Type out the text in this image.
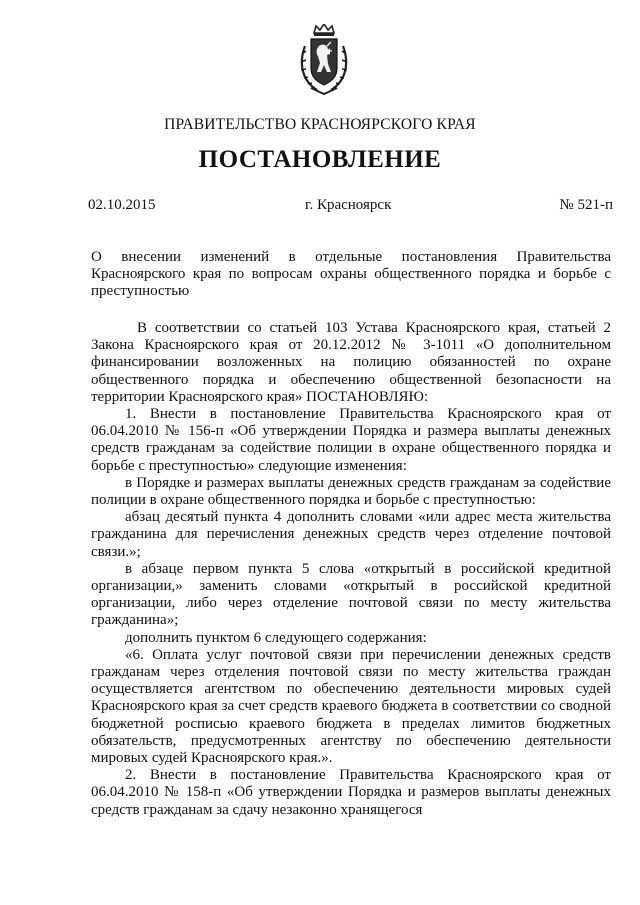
ПРАВИТЕЛЬСТВО КРАСНОЯРСКОГО КРАЯ
ПОСТАНОВЛЕНИЕ
02.10.2015	г. Красноярск	№ 521-п
О внесении изменений в отдельные постановления Правительства Красноярского края по вопросам охраны общественного порядка и борьбе с преступностью

В соответствии со статьей 103 Устава Красноярского края, статьей 2 Закона Красноярского края от 20.12.2012 № 3-1011 «О дополнительном финансировании возложенных на полицию обязанностей по охране общественного порядка и обеспечению общественной безопасности на территории Красноярского края» ПОСТАНОВЛЯЮ:

1. Внести в постановление Правительства Красноярского края от 06.04.2010 № 156-п «Об утверждении Порядка и размера выплаты денежных средств гражданам за содействие полиции в охране общественного порядка и борьбе с преступностью» следующие изменения:

в Порядке и размерах выплаты денежных средств гражданам за содействие полиции в охране общественного порядка и борьбе с преступностью:

абзац десятый пункта 4 дополнить словами «или адрес места жительства гражданина для перечисления денежных средств через отделение почтовой связи.»;

в абзаце первом пункта 5 слова «открытый в российской кредитной организации,» заменить словами «открытый в российской кредитной организации, либо через отделение почтовой связи по месту жительства гражданина»;

дополнить пунктом 6 следующего содержания:

«6. Оплата услуг почтовой связи при перечислении денежных средств гражданам через отделения почтовой связи по месту жительства граждан осуществляется агентством по обеспечению деятельности мировых судей Красноярского края за счет средств краевого бюджета в соответствии со сводной бюджетной росписью краевого бюджета в пределах лимитов бюджетных обязательств, предусмотренных агентству по обеспечению деятельности мировых судей Красноярского края.».

2. Внести в постановление Правительства Красноярского края от 06.04.2010 № 158-п «Об утверждении Порядка и размеров выплаты денежных средств гражданам за сдачу незаконно хранящегося
